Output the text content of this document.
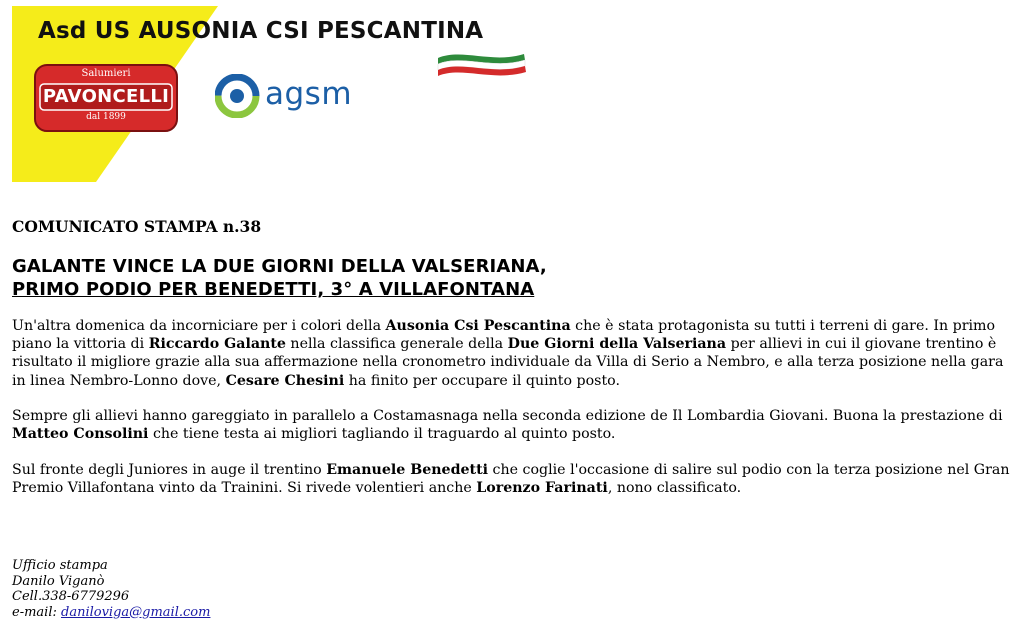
Asd US AUSONIA CSI PESCANTINA
Salumieri
PAVONCELLI
dal 1899
agsm
COMUNICATO STAMPA n.38
GALANTE VINCE LA DUE GIORNI DELLA VALSERIANA,
PRIMO PODIO PER BENEDETTI, 3° A VILLAFONTANA
Un'altra domenica da incorniciare per i colori della Ausonia Csi Pescantina che è stata protagonista su tutti i terreni di gare. In primo piano la vittoria di Riccardo Galante nella classifica generale della Due Giorni della Valseriana per allievi in cui il giovane trentino è risultato il migliore grazie alla sua affermazione nella cronometro individuale da Villa di Serio a Nembro, e alla terza posizione nella gara in linea Nembro-Lonno dove, Cesare Chesini ha finito per occupare il quinto posto.
Sempre gli allievi hanno gareggiato in parallelo a Costamasnaga nella seconda edizione de Il Lombardia Giovani. Buona la prestazione di Matteo Consolini che tiene testa ai migliori tagliando il traguardo al quinto posto.
Sul fronte degli Juniores in auge il trentino Emanuele Benedetti che coglie l'occasione di salire sul podio con la terza posizione nel Gran Premio Villafontana vinto da Trainini. Si rivede volentieri anche Lorenzo Farinati, nono classificato.
Ufficio stampa
Danilo Viganò
Cell.338-6779296
e-mail: daniloviga@gmail.com
